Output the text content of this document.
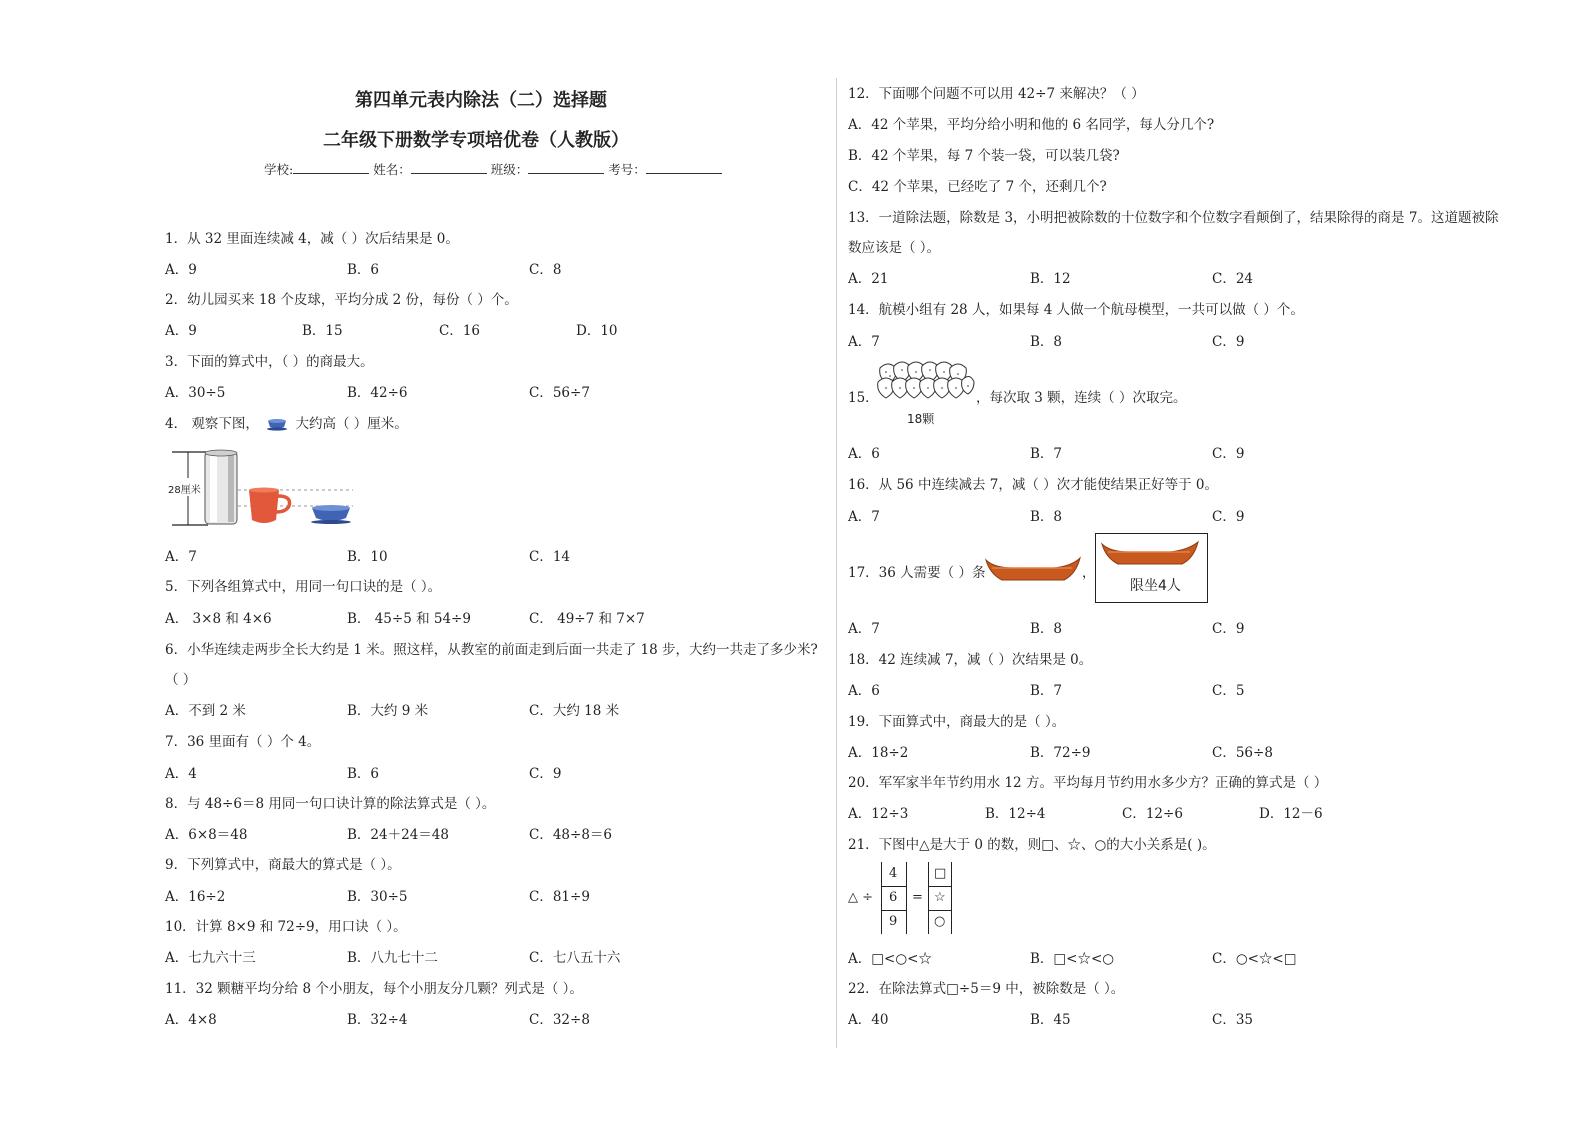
第四单元表内除法（二）选择题
二年级下册数学专项培优卷（人教版）
学校:	姓名：	班级：	考号：
1．从 32 里面连续减 4，减（ ）次后结果是 0。
A．9	B．6	C．8
2．幼儿园买来 18 个皮球，平均分成 2 份，每份（ ）个。
A．9	B．15	C．16	D．10
3．下面的算式中，（ ）的商最大。
A．30÷5	B．42÷6	C．56÷7
4． 观察下图，	大约高（ ）厘米。
28厘米
A．7	B．10	C．14
5．下列各组算式中，用同一句口诀的是（ ）。
A． 3×8 和 4×6	B． 45÷5 和 54÷9	C． 49÷7 和 7×7
6．小华连续走两步全长大约是 1 米。照这样，从教室的前面走到后面一共走了 18 步，大约一共走了多少米?
（ ）
A．不到 2 米	B．大约 9 米	C．大约 18 米
7．36 里面有（ ）个 4。
A．4	B．6	C．9
8．与 48÷6＝8 用同一句口诀计算的除法算式是（ ）。
A．6×8＝48	B．24＋24＝48	C．48÷8＝6
9．下列算式中，商最大的算式是（ ）。
A．16÷2	B．30÷5	C．81÷9
10．计算 8×9 和 72÷9，用口诀（ ）。
A．七九六十三	B．八九七十二	C．七八五十六
11．32 颗糖平均分给 8 个小朋友，每个小朋友分几颗？列式是（ ）。
A．4×8	B．32÷4	C．32÷8
12．下面哪个问题不可以用 42÷7 来解决？（ ）
A．42 个苹果，平均分给小明和他的 6 名同学，每人分几个?
B．42 个苹果，每 7 个装一袋，可以装几袋?
C．42 个苹果，已经吃了 7 个，还剩几个?
13．一道除法题，除数是 3，小明把被除数的十位数字和个位数字看颠倒了，结果除得的商是 7。这道题被除
数应该是（ ）。
A．21	B．12	C．24
14．航模小组有 28 人，如果每 4 人做一个航母模型，一共可以做（ ）个。
A．7	B．8	C．9
15．
18颗
，每次取 3 颗，连续（ ）次取完。
A．6	B．7	C．9
16．从 56 中连续减去 7，减（ ）次才能使结果正好等于 0。
A．7	B．8	C．9
17．36 人需要（ ）条	，
限坐4人
A．7	B．8	C．9
18．42 连续减 7，减（ ）次结果是 0。
A．6	B．7	C．5
19．下面算式中，商最大的是（ ）。
A．18÷2	B．72÷9	C．56÷8
20．军军家半年节约用水 12 方。平均每月节约用水多少方？正确的算式是（ ）
A．12÷3	B．12÷4	C．12÷6	D．12－6
21．下图中△是大于 0 的数，则□、☆、○的大小关系是( )。
△ ÷
4
6
9
=
□
☆
○
A．□<○<☆	B．□<☆<○	C．○<☆<□
22．在除法算式□÷5＝9 中，被除数是（ ）。
A．40	B．45	C．35
